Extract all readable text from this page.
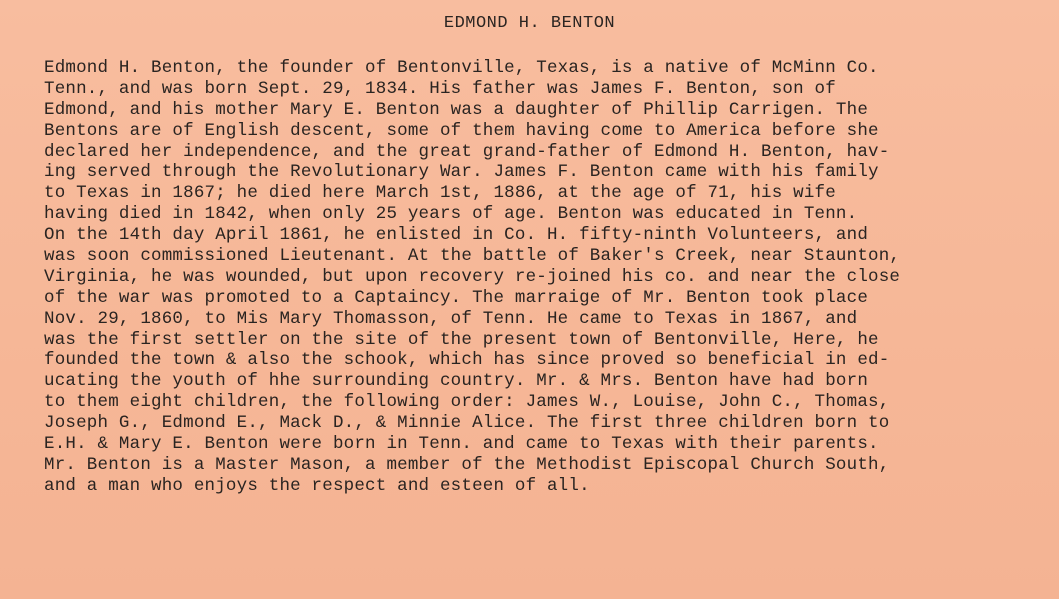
EDMOND H. BENTON
Edmond H. Benton, the founder of Bentonville, Texas, is a native of McMinn Co.
Tenn., and was born Sept. 29, 1834. His father was James F. Benton, son of
Edmond, and his mother Mary E. Benton was a daughter of Phillip Carrigen. The
Bentons are of English descent, some of them having come to America before she
declared her independence, and the great grand-father of Edmond H. Benton, hav-
ing served through the Revolutionary War. James F. Benton came with his family
to Texas in 1867; he died here March 1st, 1886, at the age of 71, his wife
having died in 1842, when only 25 years of age. Benton was educated in Tenn.
On the 14th day April 1861, he enlisted in Co. H. fifty-ninth Volunteers, and
was soon commissioned Lieutenant. At the battle of Baker's Creek, near Staunton,
Virginia, he was wounded, but upon recovery re-joined his co. and near the close
of the war was promoted to a Captaincy. The marraige of Mr. Benton took place
Nov. 29, 1860, to Mis Mary Thomasson, of Tenn. He came to Texas in 1867, and
was the first settler on the site of the present town of Bentonville, Here, he
founded the town & also the schook, which has since proved so beneficial in ed-
ucating the youth of hhe surrounding country. Mr. & Mrs. Benton have had born
to them eight children, the following order: James W., Louise, John C., Thomas,
Joseph G., Edmond E., Mack D., & Minnie Alice. The first three children born to
E.H. & Mary E. Benton were born in Tenn. and came to Texas with their parents.
Mr. Benton is a Master Mason, a member of the Methodist Episcopal Church South,
and a man who enjoys the respect and esteen of all.
